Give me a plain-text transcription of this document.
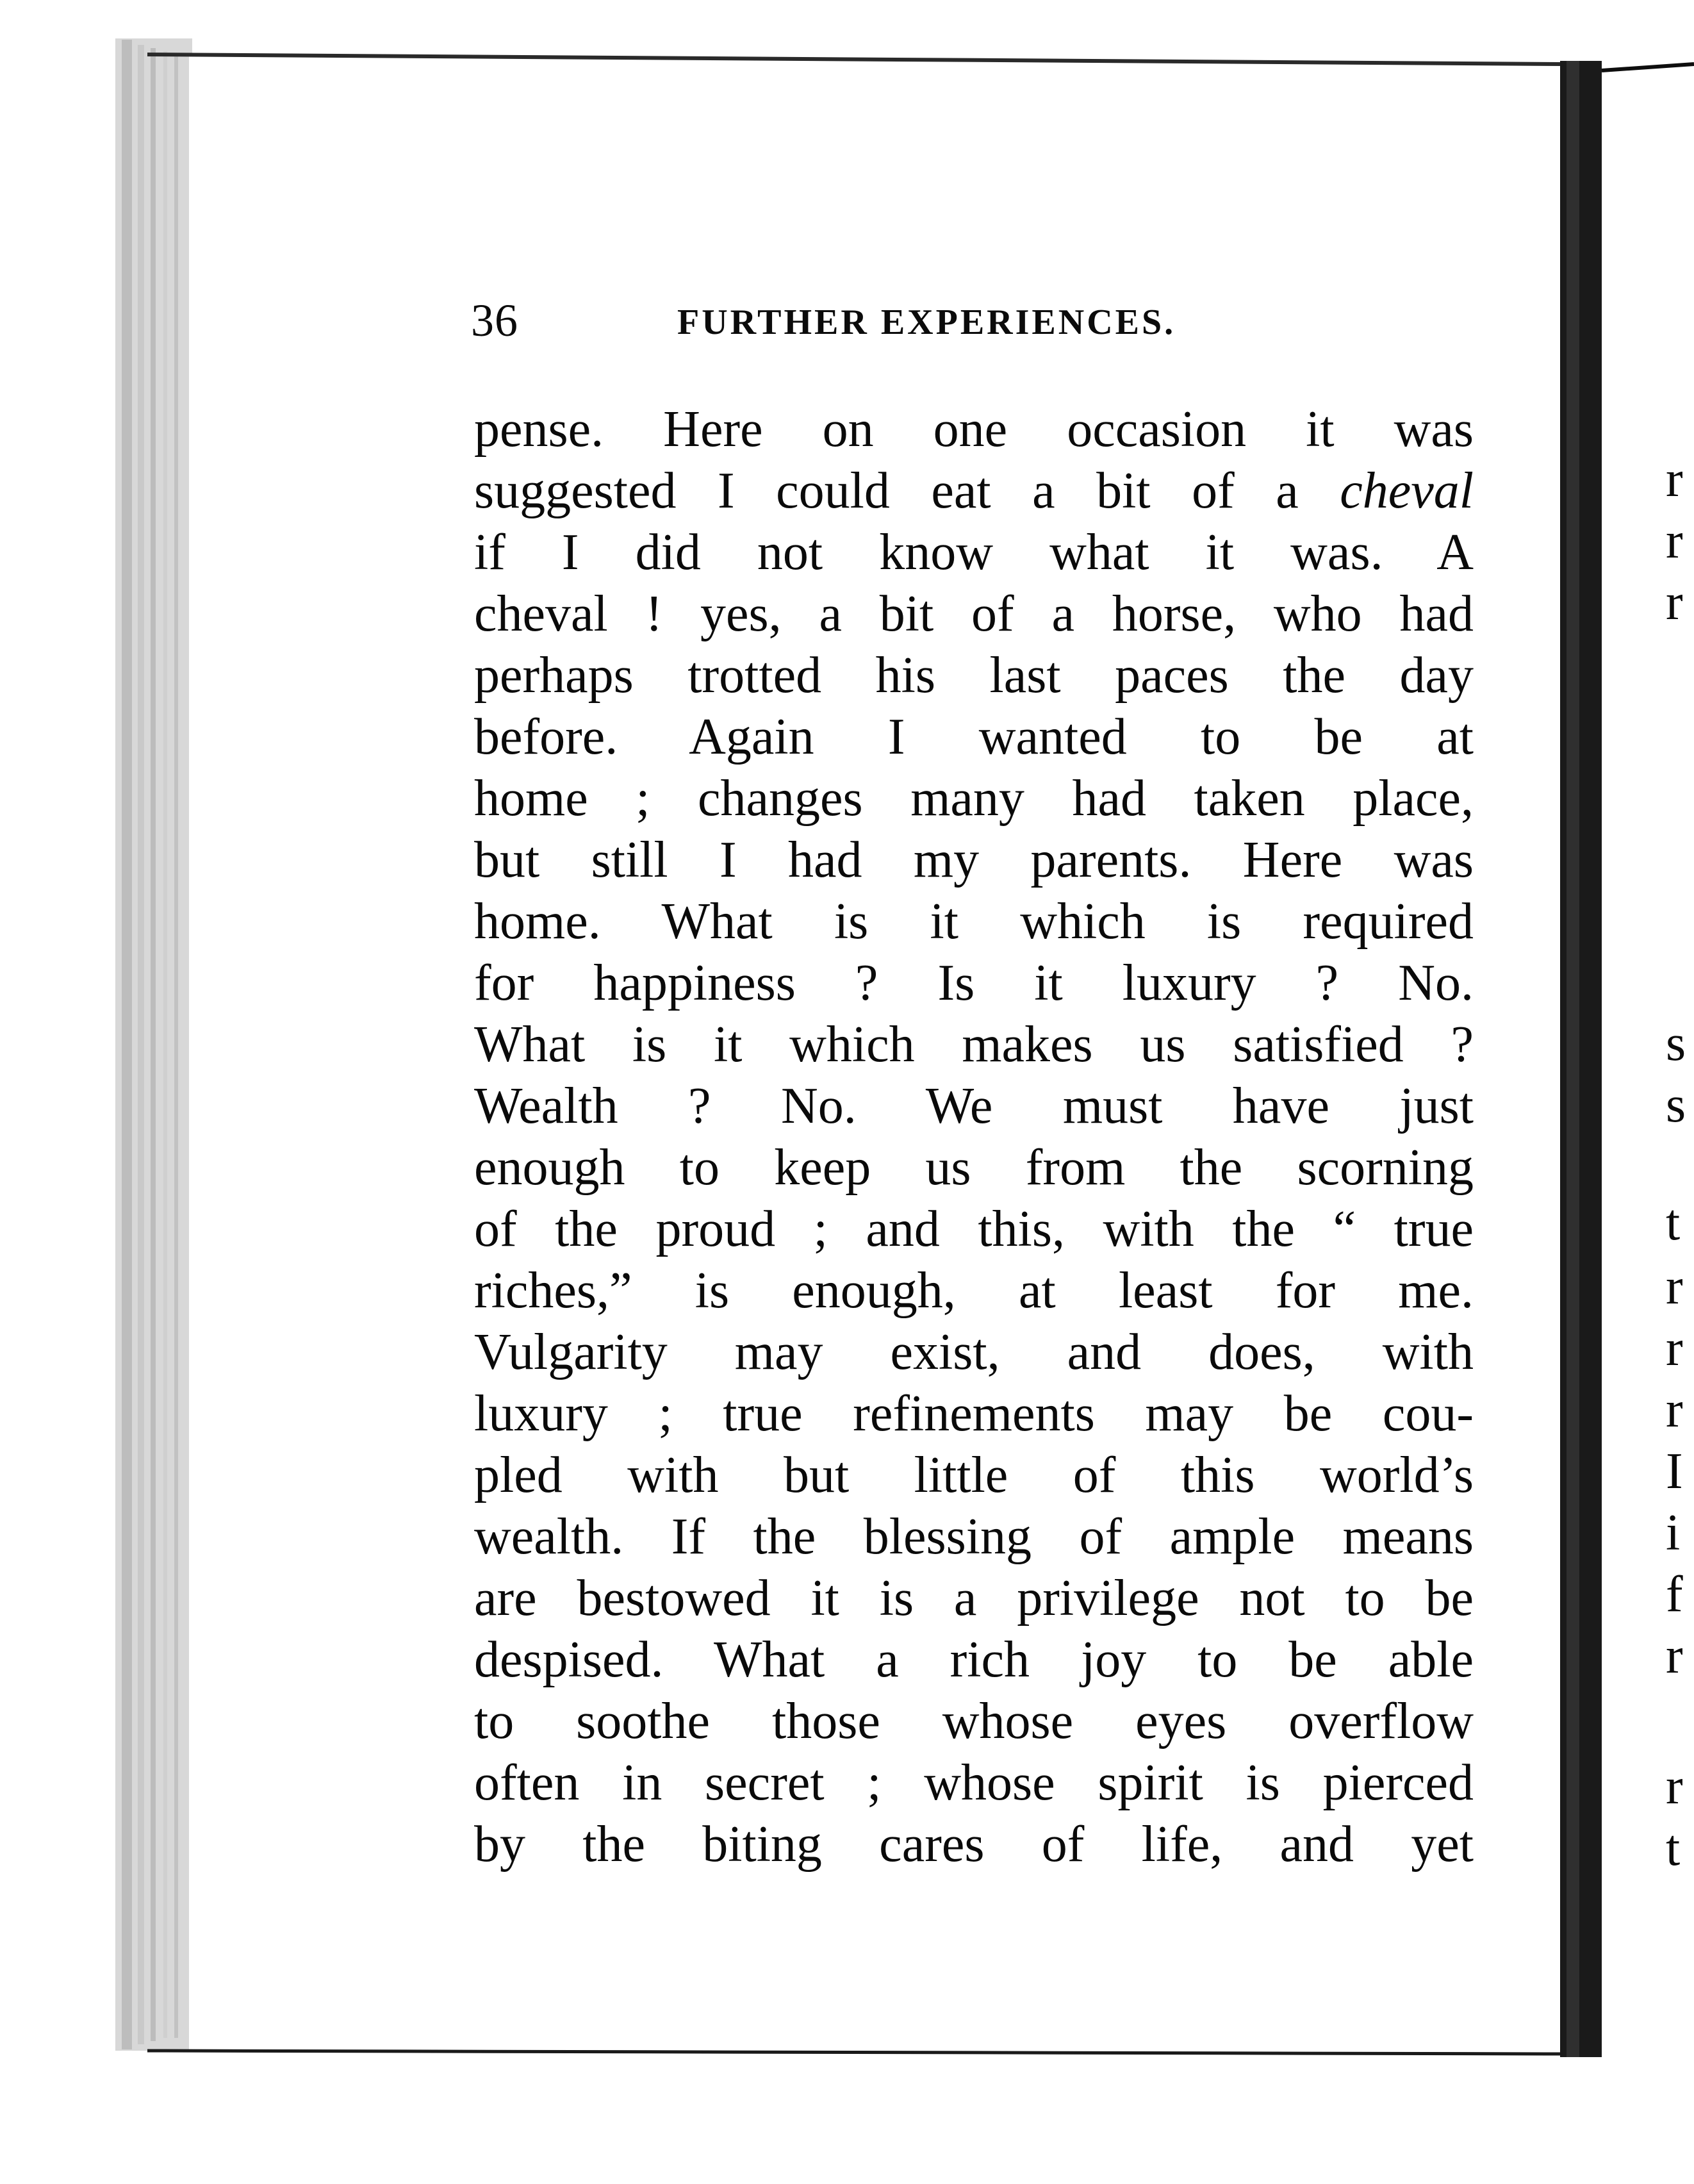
36	FURTHER EXPERIENCES.
pense. Here on one occasion it was
suggested I could eat a bit of a cheval
if I did not know what it was. A
cheval ! yes, a bit of a horse, who had
perhaps trotted his last paces the day
before. Again I wanted to be at
home ; changes many had taken place,
but still I had my parents. Here was
home. What is it which is required
for happiness ? Is it luxury ? No.
What is it which makes us satisfied ?
Wealth ? No. We must have just
enough to keep us from the scorning
of the proud ; and this, with the “ true
riches,” is enough, at least for me.
Vulgarity may exist, and does, with
luxury ; true refinements may be cou-
pled with but little of this world’s
wealth. If the blessing of ample means
are bestowed it is a privilege not to be
despised. What a rich joy to be able
to soothe those whose eyes overflow
often in secret ; whose spirit is pierced
by the biting cares of life, and yet
r
r
r
s
s
t
r
r
r
I
i
f
r
r
t
